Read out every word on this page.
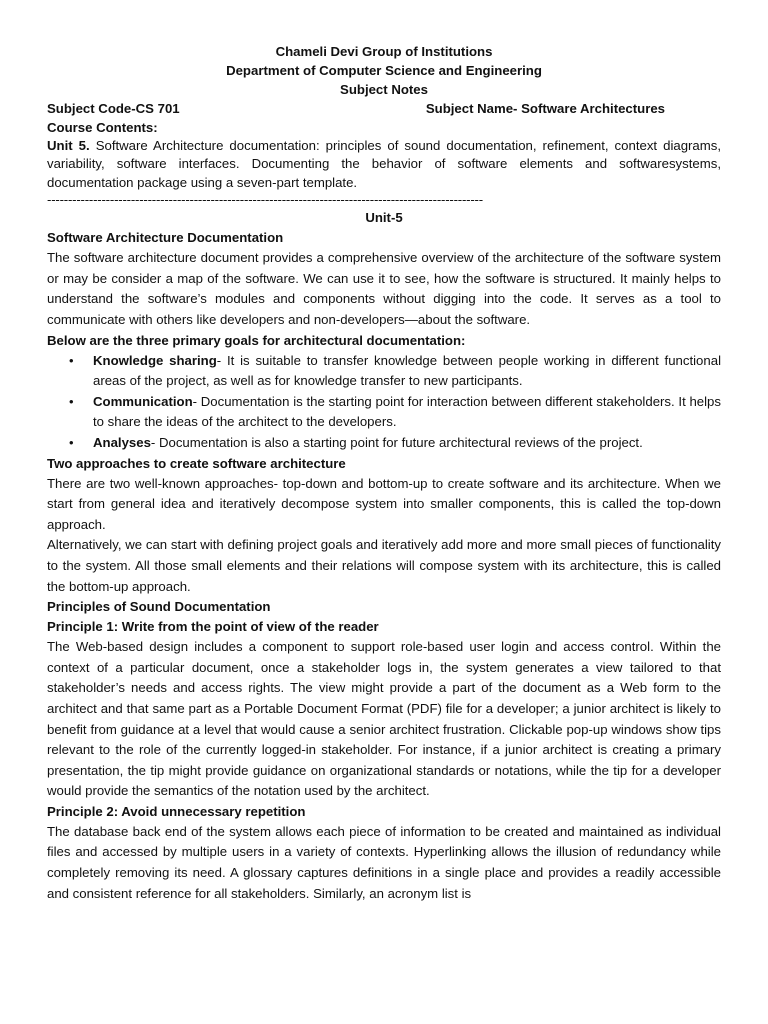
Chameli Devi Group of Institutions
Department of Computer Science and Engineering
Subject Notes
Subject Code-CS 701	Subject Name- Software Architectures
Course Contents:

Unit 5. Software Architecture documentation: principles of sound documentation, refinement, context diagrams, variability, software interfaces. Documenting the behavior of software elements and softwaresystems, documentation package using a seven-part template.

--------------------------------------------------------------------------------------------------------
Unit-5
Software Architecture Documentation

The software architecture document provides a comprehensive overview of the architecture of the software system or may be consider a map of the software. We can use it to see, how the software is structured. It mainly helps to understand the software’s modules and components without digging into the code. It serves as a tool to communicate with others like developers and non-developers—about the software.

Below are the three primary goals for architectural documentation:
• Knowledge sharing- It is suitable to transfer knowledge between people working in different functional areas of the project, as well as for knowledge transfer to new participants.
• Communication- Documentation is the starting point for interaction between different stakeholders. It helps to share the ideas of the architect to the developers.
• Analyses- Documentation is also a starting point for future architectural reviews of the project.
Two approaches to create software architecture

There are two well-known approaches- top-down and bottom-up to create software and its architecture. When we start from general idea and iteratively decompose system into smaller components, this is called the top-down approach.

Alternatively, we can start with defining project goals and iteratively add more and more small pieces of functionality to the system. All those small elements and their relations will compose system with its architecture, this is called the bottom-up approach.

Principles of Sound Documentation
Principle 1: Write from the point of view of the reader

The Web-based design includes a component to support role-based user login and access control. Within the context of a particular document, once a stakeholder logs in, the system generates a view tailored to that stakeholder’s needs and access rights. The view might provide a part of the document as a Web form to the architect and that same part as a Portable Document Format (PDF) file for a developer; a junior architect is likely to benefit from guidance at a level that would cause a senior architect frustration. Clickable pop-up windows show tips relevant to the role of the currently logged-in stakeholder. For instance, if a junior architect is creating a primary presentation, the tip might provide guidance on organizational standards or notations, while the tip for a developer would provide the semantics of the notation used by the architect.

Principle 2: Avoid unnecessary repetition

The database back end of the system allows each piece of information to be created and maintained as individual files and accessed by multiple users in a variety of contexts. Hyperlinking allows the illusion of redundancy while completely removing its need. A glossary captures definitions in a single place and provides a readily accessible and consistent reference for all stakeholders. Similarly, an acronym list is
